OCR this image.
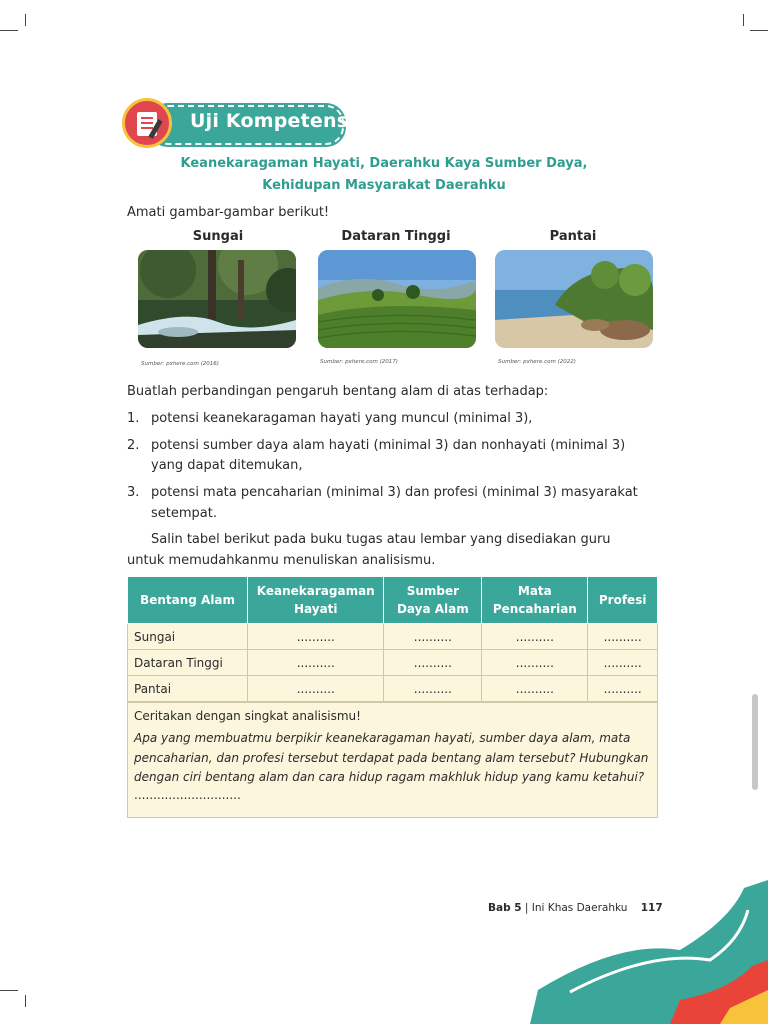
Uji Kompetensi
Keanekaragaman Hayati, Daerahku Kaya Sumber Daya,
Kehidupan Masyarakat Daerahku
Amati gambar-gambar berikut!
Sungai	Dataran Tinggi	Pantai
Sumber: pxhere.com (2016)	Sumber: pxhere.com (2017)	Sumber: pxhere.com (2022)
Buatlah perbandingan pengaruh bentang alam di atas terhadap:
1. potensi keanekaragaman hayati yang muncul (minimal 3),
2. potensi sumber daya alam hayati (minimal 3) dan nonhayati (minimal 3)
yang dapat ditemukan,
3. potensi mata pencaharian (minimal 3) dan profesi (minimal 3) masyarakat
setempat.
Salin tabel berikut pada buku tugas atau lembar yang disediakan guru
untuk memudahkanmu menuliskan analisismu.
Bentang Alam	Keanekaragaman Hayati	Sumber Daya Alam	Mata Pencaharian	Profesi
Sungai	..........	..........	..........	..........
Dataran Tinggi	..........	..........	..........	..........
Pantai	..........	..........	..........	..........
Ceritakan dengan singkat analisismu!
Apa yang membuatmu berpikir keanekaragaman hayati, sumber daya alam, mata pencaharian, dan profesi tersebut terdapat pada bentang alam tersebut? Hubungkan dengan ciri bentang alam dan cara hidup ragam makhluk hidup yang kamu ketahui?
............................
Bab 5 | Ini Khas Daerahku 117
